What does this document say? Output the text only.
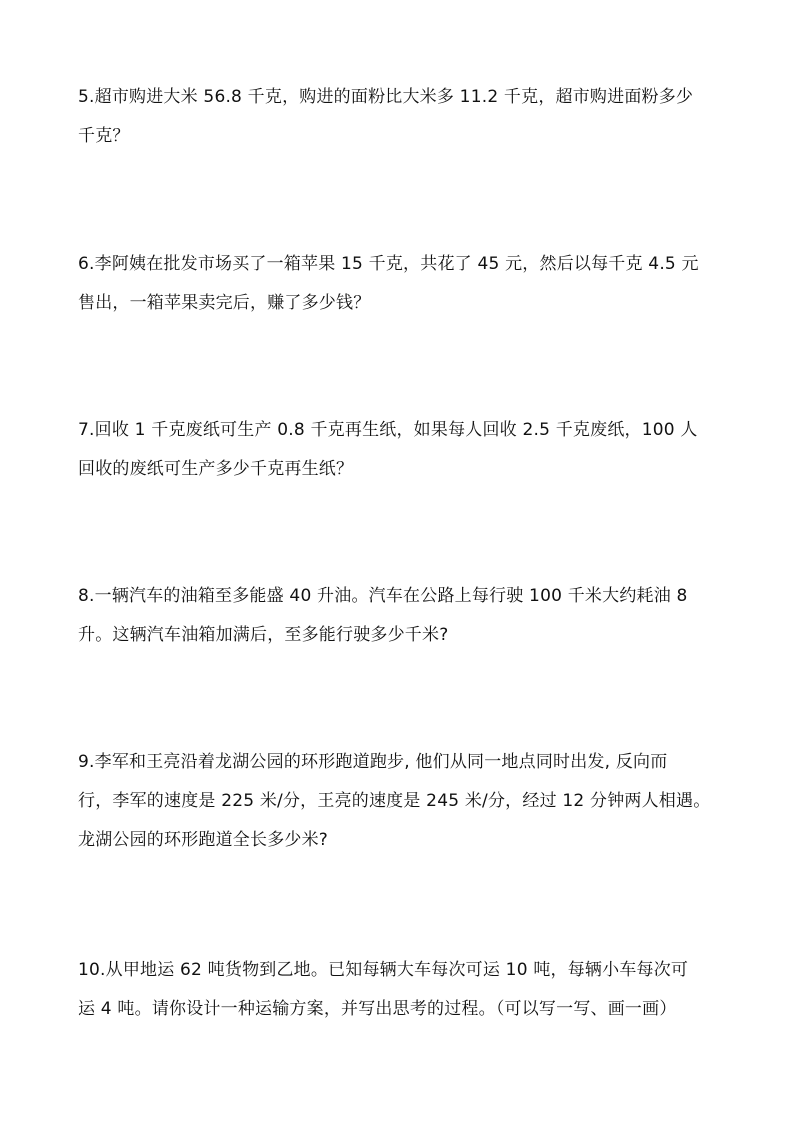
5.超市购进大米 56.8 千克，购进的面粉比大米多 11.2 千克，超市购进面粉多少
千克？
6.李阿姨在批发市场买了一箱苹果 15 千克，共花了 45 元，然后以每千克 4.5 元
售出，一箱苹果卖完后，赚了多少钱？
7.回收 1 千克废纸可生产 0.8 千克再生纸，如果每人回收 2.5 千克废纸，100 人
回收的废纸可生产多少千克再生纸？
8.一辆汽车的油箱至多能盛 40 升油。汽车在公路上每行驶 100 千米大约耗油 8
升。这辆汽车油箱加满后，至多能行驶多少千米?
9.李军和王亮沿着龙湖公园的环形跑道跑步, 他们从同一地点同时出发, 反向而
行，李军的速度是 225 米/分，王亮的速度是 245 米/分，经过 12 分钟两人相遇。
龙湖公园的环形跑道全长多少米?
10.从甲地运 62 吨货物到乙地。已知每辆大车每次可运 10 吨，每辆小车每次可
运 4 吨。请你设计一种运输方案，并写出思考的过程。（可以写一写、画一画）
